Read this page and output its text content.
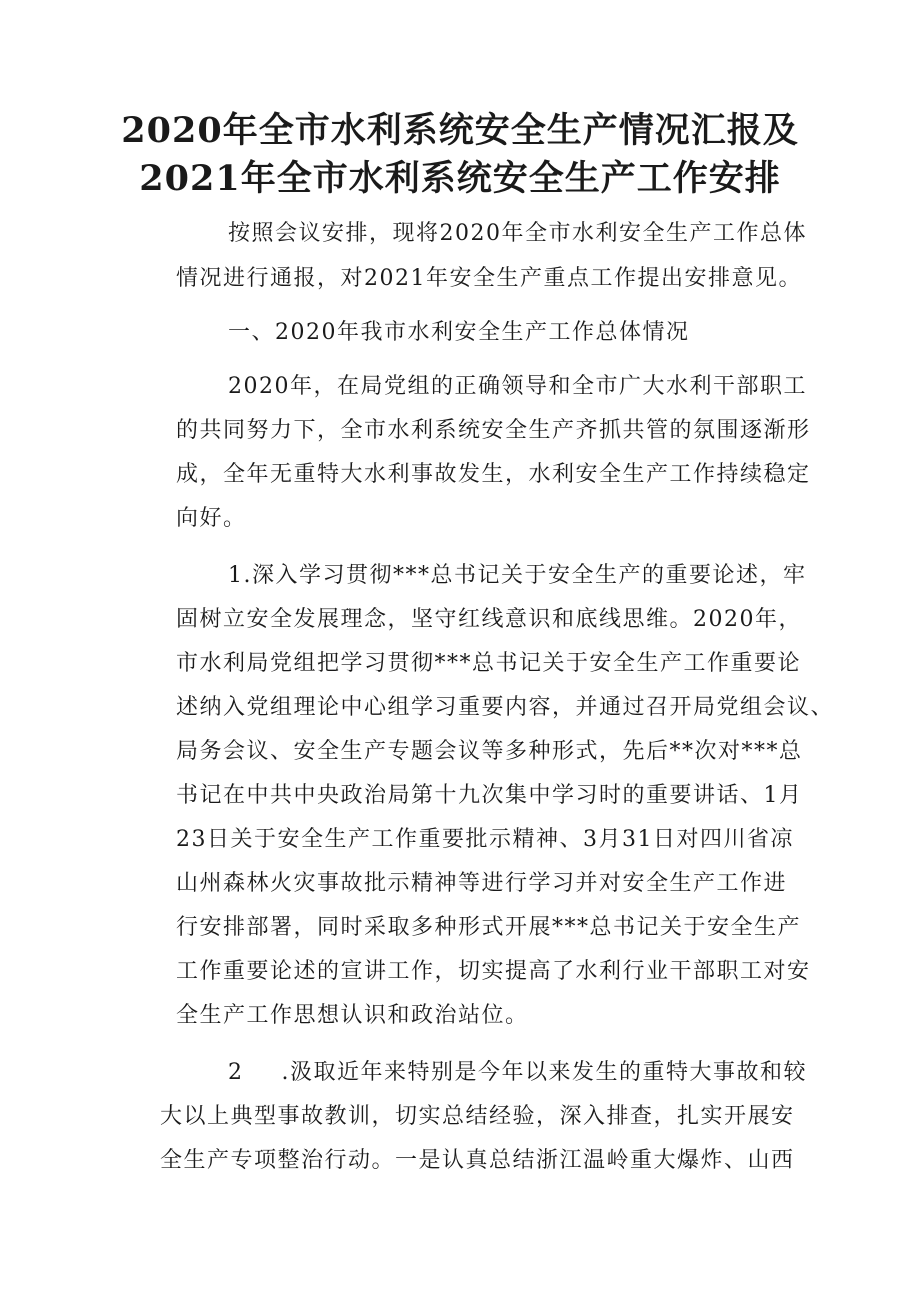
2020年全市水利系统安全生产情况汇报及
2021年全市水利系统安全生产工作安排
按照会议安排，现将2020年全市水利安全生产工作总体
情况进行通报，对2021年安全生产重点工作提出安排意见。
一、2020年我市水利安全生产工作总体情况
2020年，在局党组的正确领导和全市广大水利干部职工
的共同努力下，全市水利系统安全生产齐抓共管的氛围逐渐形
成，全年无重特大水利事故发生，水利安全生产工作持续稳定
向好。
1.深入学习贯彻***总书记关于安全生产的重要论述，牢
固树立安全发展理念，坚守红线意识和底线思维。2020年，
市水利局党组把学习贯彻***总书记关于安全生产工作重要论
述纳入党组理论中心组学习重要内容，并通过召开局党组会议、
局务会议、安全生产专题会议等多种形式，先后**次对***总
书记在中共中央政治局第十九次集中学习时的重要讲话、1月
23日关于安全生产工作重要批示精神、3月31日对四川省凉
山州森林火灾事故批示精神等进行学习并对安全生产工作进
行安排部署，同时采取多种形式开展***总书记关于安全生产
工作重要论述的宣讲工作，切实提高了水利行业干部职工对安
全生产工作思想认识和政治站位。
2 .汲取近年来特别是今年以来发生的重特大事故和较
大以上典型事故教训，切实总结经验，深入排查，扎实开展安
全生产专项整治行动。一是认真总结浙江温岭重大爆炸、山西
